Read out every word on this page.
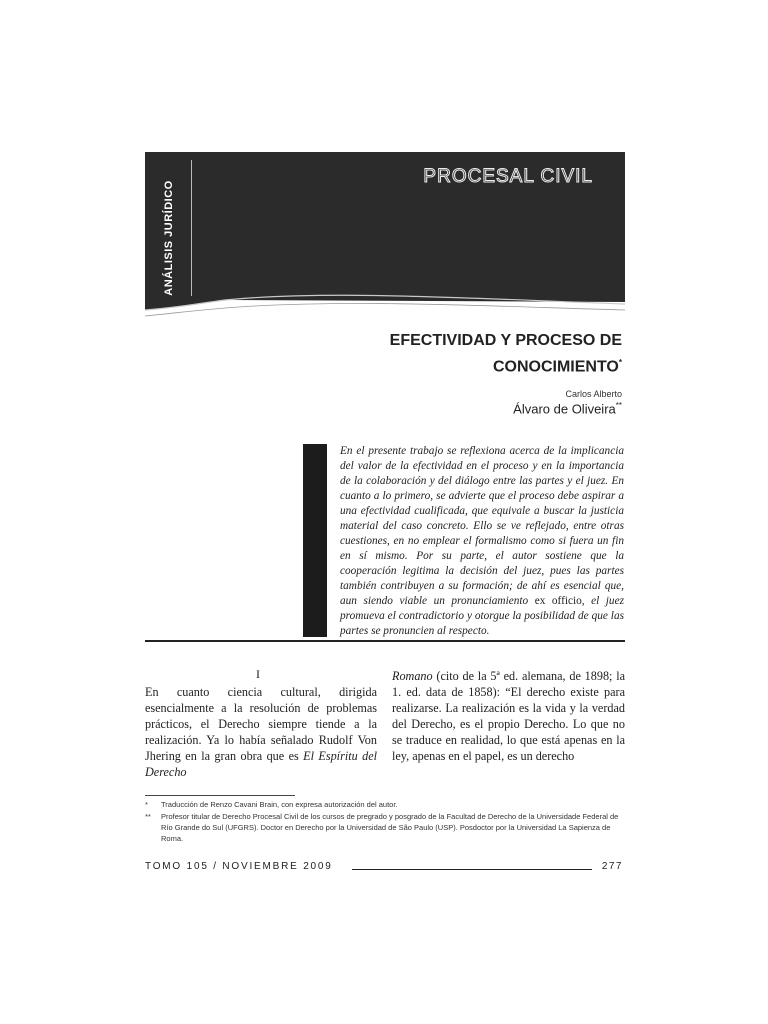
ANÁLISIS JURÍDICO
PROCESAL CIVIL
EFECTIVIDAD Y PROCESO DE
CONOCIMIENTO*
Carlos Alberto
Álvaro de Oliveira**
En el presente trabajo se reflexiona acerca de la implicancia del valor de la efectividad en el proceso y en la importancia de la colaboración y del diálogo entre las partes y el juez. En cuanto a lo primero, se advierte que el proceso debe aspirar a una efectividad cualificada, que equivale a buscar la justicia material del caso concreto. Ello se ve reflejado, entre otras cuestiones, en no emplear el formalismo como si fuera un fin en sí mismo. Por su parte, el autor sostiene que la cooperación legitima la decisión del juez, pues las partes también contribuyen a su formación; de ahí es esencial que, aun siendo viable un pronunciamiento ex officio, el juez promueva el contradictorio y otorgue la posibilidad de que las partes se pronuncien al respecto.
I
En cuanto ciencia cultural, dirigida esencialmente a la resolución de problemas prácticos, el Derecho siempre tiende a la realización. Ya lo había señalado Rudolf Von Jhering en la gran obra que es El Espíritu del Derecho
Romano (cito de la 5ª ed. alemana, de 1898; la 1. ed. data de 1858): “El derecho existe para realizarse. La realización es la vida y la verdad del Derecho, es el propio Derecho. Lo que no se traduce en realidad, lo que está apenas en la ley, apenas en el papel, es un derecho
* Traducción de Renzo Cavani Brain, con expresa autorización del autor.
** Profesor titular de Derecho Procesal Civil de los cursos de pregrado y posgrado de la Facultad de Derecho de la Universidade Federal de Río Grande do Sul (UFGRS). Doctor en Derecho por la Universidad de São Paulo (USP). Posdoctor por la Universidad La Sapienza de Roma.
TOMO 105 / NOVIEMBRE 2009	277
